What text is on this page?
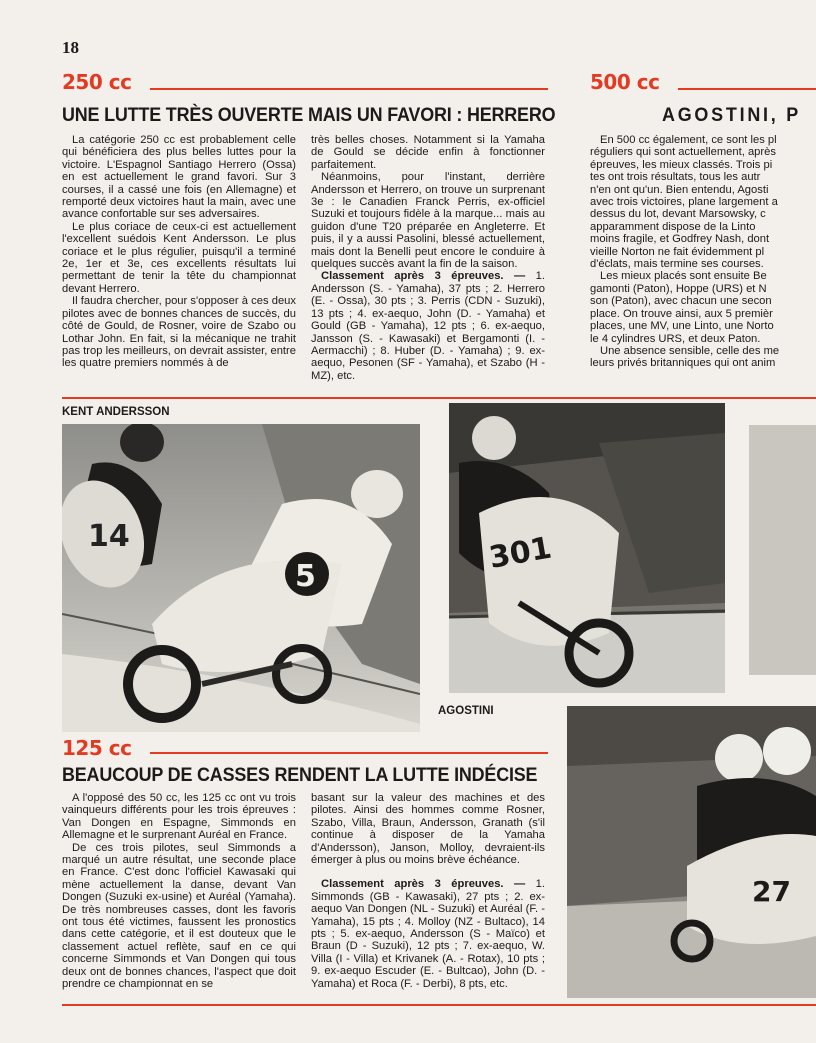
18
250 cc
UNE LUTTE TRÈS OUVERTE MAIS UN FAVORI : HERRERO

La catégorie 250 cc est probablement celle qui bénéficiera des plus belles luttes pour la victoire. L'Espagnol Santiago Herrero (Ossa) en est actuellement le grand favori. Sur 3 courses, il a cassé une fois (en Allemagne) et remporté deux victoires haut la main, avec une avance confortable sur ses adversaires.

Le plus coriace de ceux-ci est actuellement l'excellent suédois Kent Andersson. Le plus coriace et le plus régulier, puisqu'il a terminé 2e, 1er et 3e, ces excellents résultats lui permettant de tenir la tête du championnat devant Herrero.

Il faudra chercher, pour s'opposer à ces deux pilotes avec de bonnes chances de succès, du côté de Gould, de Rosner, voire de Szabo ou Lothar John. En fait, si la mécanique ne trahit pas trop les meilleurs, on devrait assister, entre les quatre premiers nommés à de

très belles choses. Notamment si la Yamaha de Gould se décide enfin à fonctionner parfaitement.

Néanmoins, pour l'instant, derrière Andersson et Herrero, on trouve un surprenant 3e : le Canadien Franck Perris, ex-officiel Suzuki et toujours fidèle à la marque... mais au guidon d'une T20 préparée en Angleterre. Et puis, il y a aussi Pasolini, blessé actuellement, mais dont la Benelli peut encore le conduire à quelques succès avant la fin de la saison.

Classement après 3 épreuves. — 1. Andersson (S. - Yamaha), 37 pts ; 2. Herrero (E. - Ossa), 30 pts ; 3. Perris (CDN - Suzuki), 13 pts ; 4. ex-aequo, John (D. - Yamaha) et Gould (GB - Yamaha), 12 pts ; 6. ex-aequo, Jansson (S. - Kawasaki) et Bergamonti (I. - Aermacchi) ; 8. Huber (D. - Yamaha) ; 9. ex-aequo, Pesonen (SF - Yamaha), et Szabo (H - MZ), etc.

500 cc
AGOSTINI, P
En 500 cc également, ce sont les pl
réguliers qui sont actuellement, après
épreuves, les mieux classés. Trois pi
tes ont trois résultats, tous les autr
n'en ont qu'un. Bien entendu, Agosti
avec trois victoires, plane largement a
dessus du lot, devant Marsowsky, c
apparamment dispose de la Linto
moins fragile, et Godfrey Nash, dont
vieille Norton ne fait évidemment pl
d'éclats, mais termine ses courses.
Les mieux placés sont ensuite Be
gamonti (Paton), Hoppe (URS) et N
son (Paton), avec chacun une secon
place. On trouve ainsi, aux 5 premièr
places, une MV, une Linto, une Norto
le 4 cylindres URS, et deux Paton.
Une absence sensible, celle des me
leurs privés britanniques qui ont anim
KENT ANDERSSON
14
5
301
AGOSTINI
27
125 cc
BEAUCOUP DE CASSES RENDENT LA LUTTE INDÉCISE

A l'opposé des 50 cc, les 125 cc ont vu trois vainqueurs différents pour les trois épreuves : Van Dongen en Espagne, Simmonds en Allemagne et le surprenant Auréal en France.

De ces trois pilotes, seul Simmonds a marqué un autre résultat, une seconde place en France. C'est donc l'officiel Kawasaki qui mène actuellement la danse, devant Van Dongen (Suzuki ex-usine) et Auréal (Yamaha). De très nombreuses casses, dont les favoris ont tous été victimes, faussent les pronostics dans cette catégorie, et il est douteux que le classement actuel reflète, sauf en ce qui concerne Simmonds et Van Dongen qui tous deux ont de bonnes chances, l'aspect que doit prendre ce championnat en se

basant sur la valeur des machines et des pilotes. Ainsi des hommes comme Rosner, Szabo, Villa, Braun, Andersson, Granath (s'il continue à disposer de la Yamaha d'Andersson), Janson, Molloy, devraient-ils émerger à plus ou moins brève échéance.

Classement après 3 épreuves. — 1. Simmonds (GB - Kawasaki), 27 pts ; 2. ex-aequo Van Dongen (NL - Suzuki) et Auréal (F. - Yamaha), 15 pts ; 4. Molloy (NZ - Bultaco), 14 pts ; 5. ex-aequo, Andersson (S - Maïco) et Braun (D - Suzuki), 12 pts ; 7. ex-aequo, W. Villa (I - Villa) et Krivanek (A. - Rotax), 10 pts ; 9. ex-aequo Escuder (E. - Bultcao), John (D. - Yamaha) et Roca (F. - Derbi), 8 pts, etc.
